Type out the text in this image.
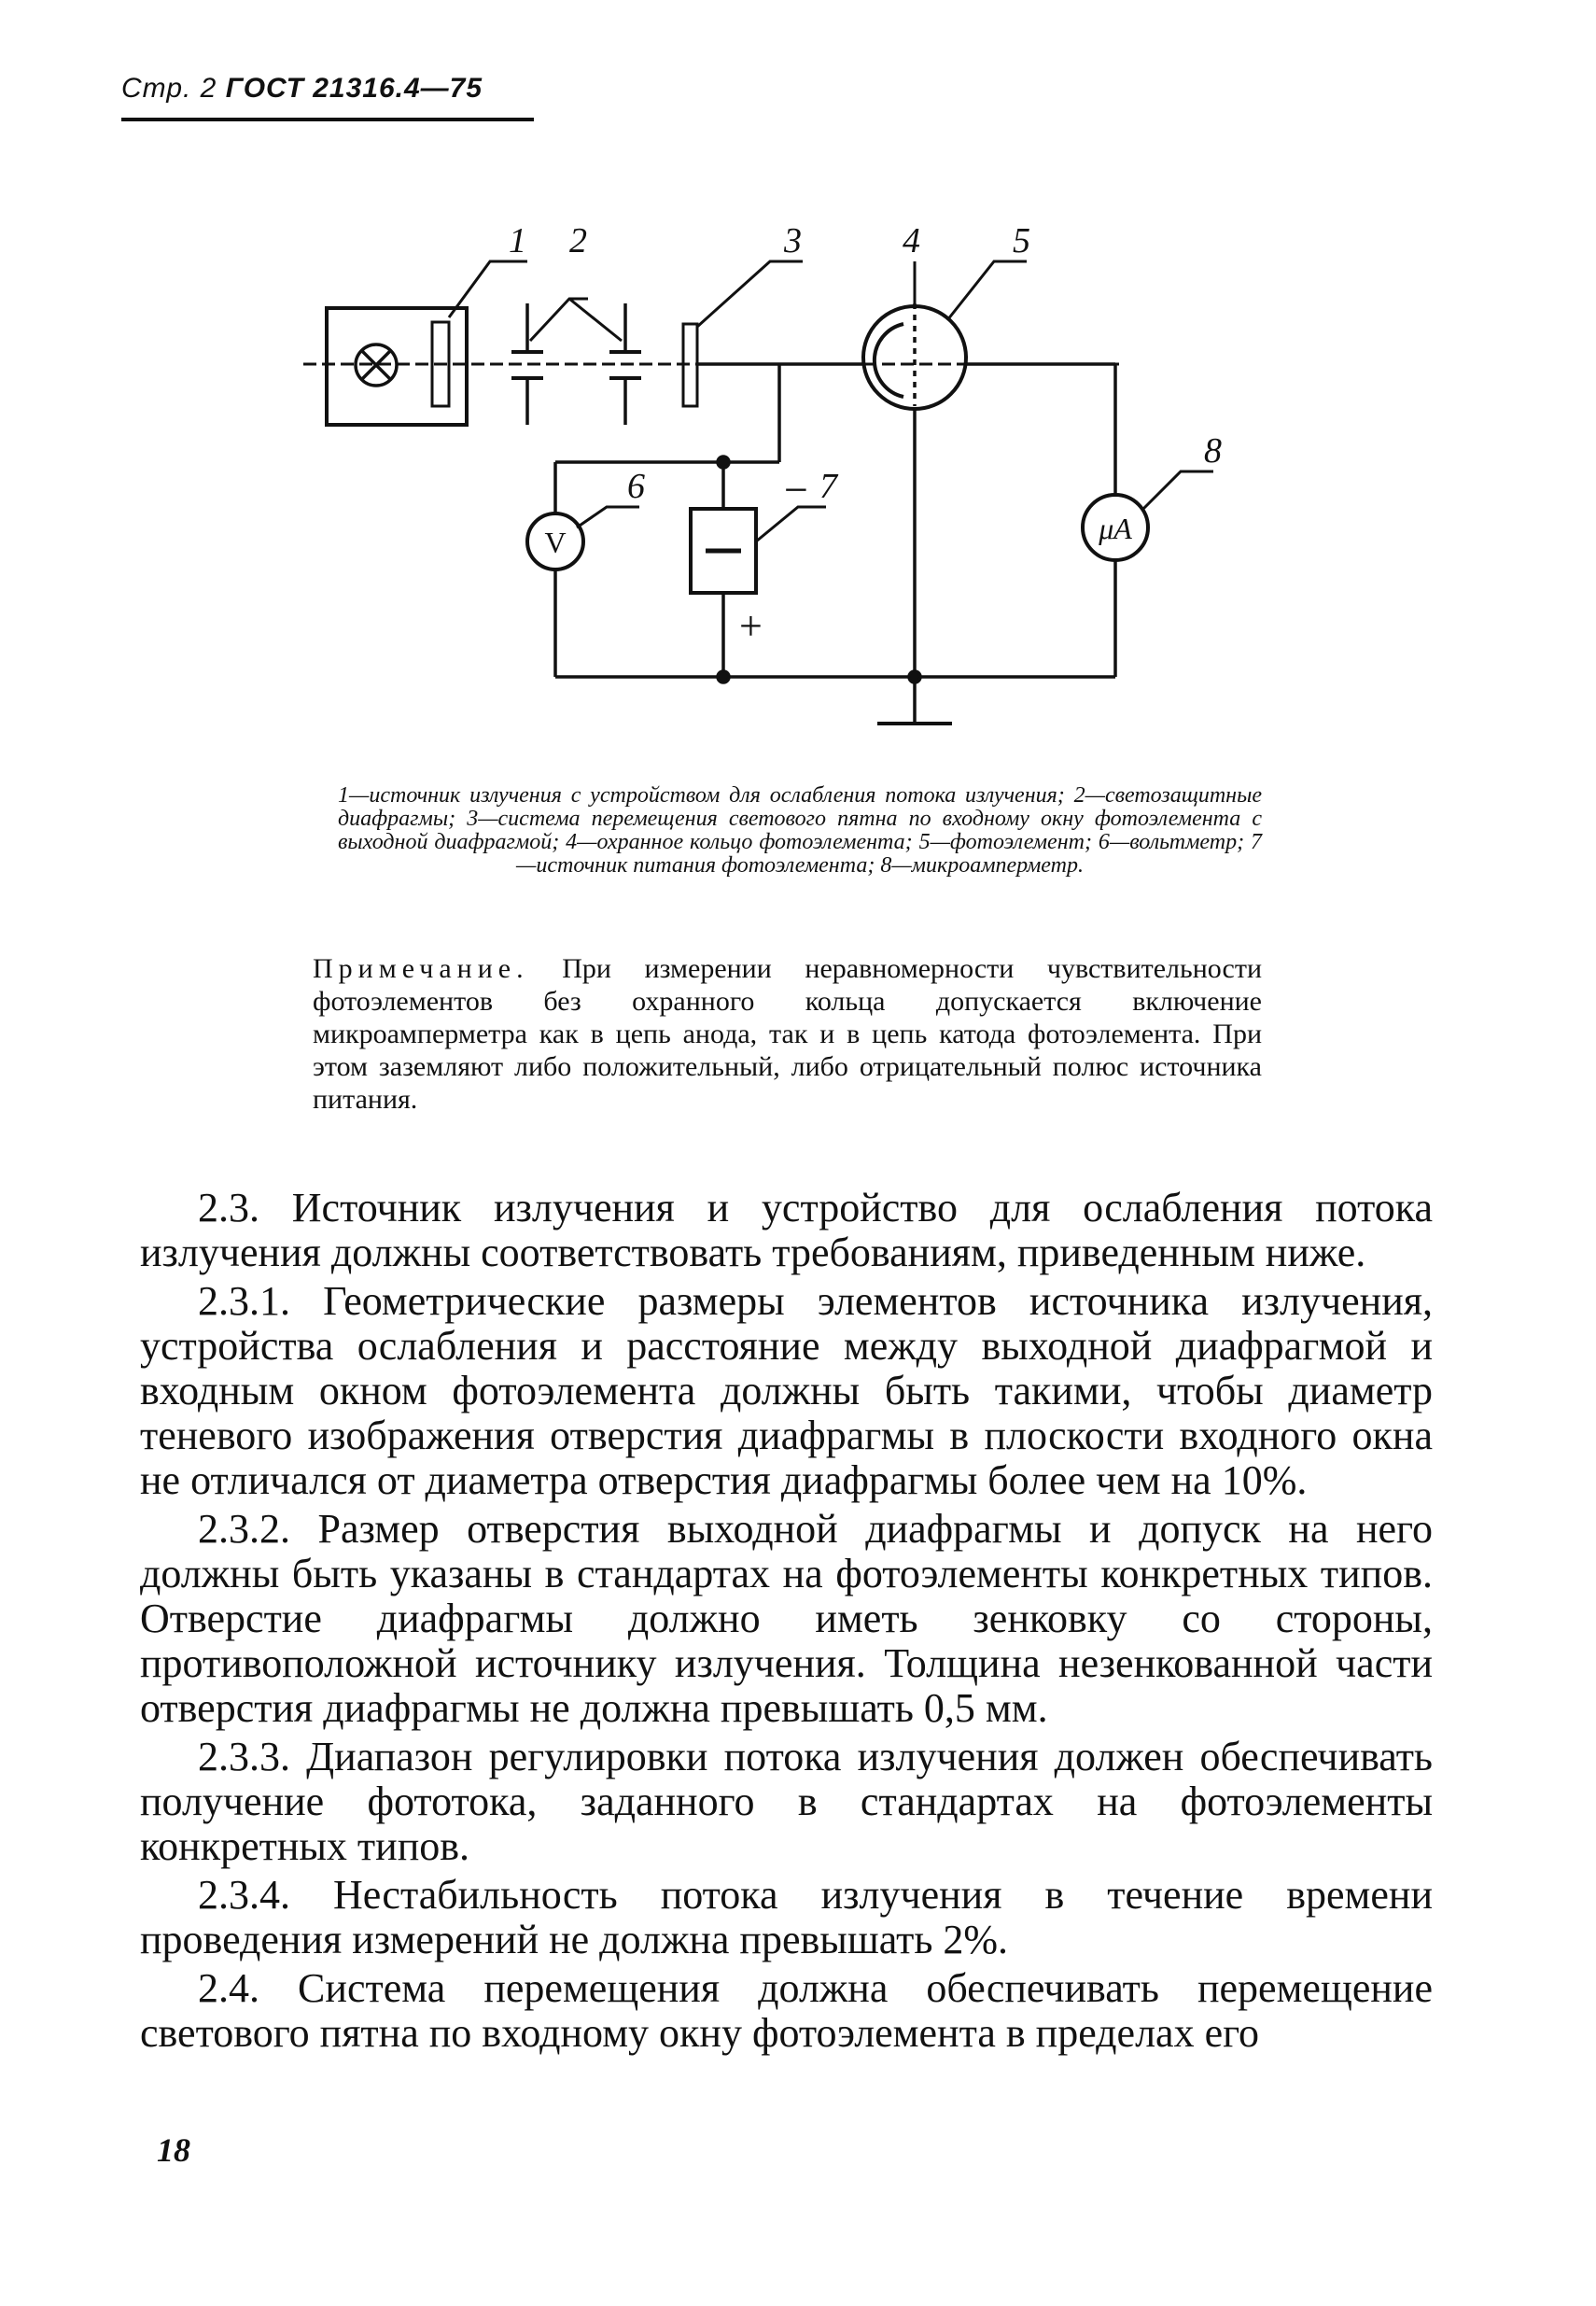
Стр. 2 ГОСТ 21316.4—75
V
−
+
μA
1 2	3	4	5
6	7
8
1—источник излучения с устройством для ослабления потока излучения; 2—светозащитные диафрагмы; 3—система перемещения светового пятна по входному окну фотоэлемента с выходной диафрагмой; 4—охранное кольцо фотоэлемента; 5—фотоэлемент; 6—вольтметр; 7—источник питания фотоэлемента; 8—микроамперметр.
Примечание. При измерении неравномерности чувствительности фотоэлементов без охранного кольца допускается включение микроамперметра как в цепь анода, так и в цепь катода фотоэлемента. При этом заземляют либо положительный, либо отрицательный полюс источника питания.

2.3. Источник излучения и устройство для ослабления потока излучения должны соответствовать требованиям, приведенным ниже.

2.3.1. Геометрические размеры элементов источника излучения, устройства ослабления и расстояние между выходной диафрагмой и входным окном фотоэлемента должны быть такими, чтобы диаметр теневого изображения отверстия диафрагмы в плоскости входного окна не отличался от диаметра отверстия диафрагмы более чем на 10%.

2.3.2. Размер отверстия выходной диафрагмы и допуск на него должны быть указаны в стандартах на фотоэлементы конкретных типов. Отверстие диафрагмы должно иметь зенковку со стороны, противоположной источнику излучения. Толщина незенкованной части отверстия диафрагмы не должна превышать 0,5 мм.

2.3.3. Диапазон регулировки потока излучения должен обеспечивать получение фототока, заданного в стандартах на фотоэлементы конкретных типов.

2.3.4. Нестабильность потока излучения в течение времени проведения измерений не должна превышать 2%.

2.4. Система перемещения должна обеспечивать перемещение светового пятна по входному окну фотоэлемента в пределах его

18
